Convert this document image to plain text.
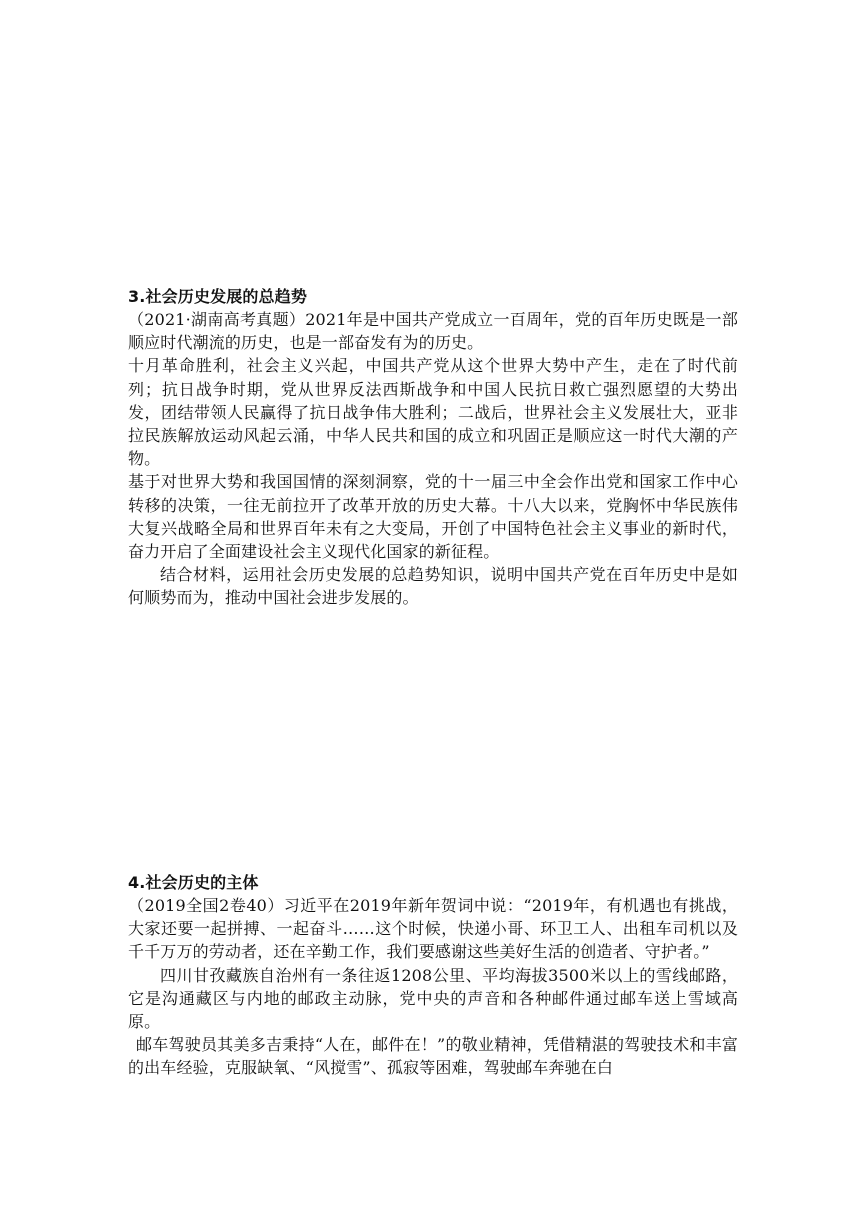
3.社会历史发展的总趋势

（2021·湖南高考真题）2021年是中国共产党成立一百周年，党的百年历史既是一部顺应时代潮流的历史，也是一部奋发有为的历史。

十月革命胜利，社会主义兴起，中国共产党从这个世界大势中产生，走在了时代前列；抗日战争时期，党从世界反法西斯战争和中国人民抗日救亡强烈愿望的大势出发，团结带领人民赢得了抗日战争伟大胜利；二战后，世界社会主义发展壮大，亚非拉民族解放运动风起云涌，中华人民共和国的成立和巩固正是顺应这一时代大潮的产物。

基于对世界大势和我国国情的深刻洞察，党的十一届三中全会作出党和国家工作中心转移的决策，一往无前拉开了改革开放的历史大幕。十八大以来，党胸怀中华民族伟大复兴战略全局和世界百年未有之大变局，开创了中国特色社会主义事业的新时代，奋力开启了全面建设社会主义现代化国家的新征程。

结合材料，运用社会历史发展的总趋势知识，说明中国共产党在百年历史中是如何顺势而为，推动中国社会进步发展的。

4.社会历史的主体

（2019全国2卷40）习近平在2019年新年贺词中说：“2019年，有机遇也有挑战，大家还要一起拼搏、一起奋斗……这个时候，快递小哥、环卫工人、出租车司机以及千千万万的劳动者，还在辛勤工作，我们要感谢这些美好生活的创造者、守护者。”

四川甘孜藏族自治州有一条往返1208公里、平均海拔3500米以上的雪线邮路，它是沟通藏区与内地的邮政主动脉，党中央的声音和各种邮件通过邮车送上雪域高原。

邮车驾驶员其美多吉秉持“人在，邮件在！”的敬业精神，凭借精湛的驾驶技术和丰富的出车经验，克服缺氧、“风搅雪”、孤寂等困难，驾驶邮车奔驰在白
